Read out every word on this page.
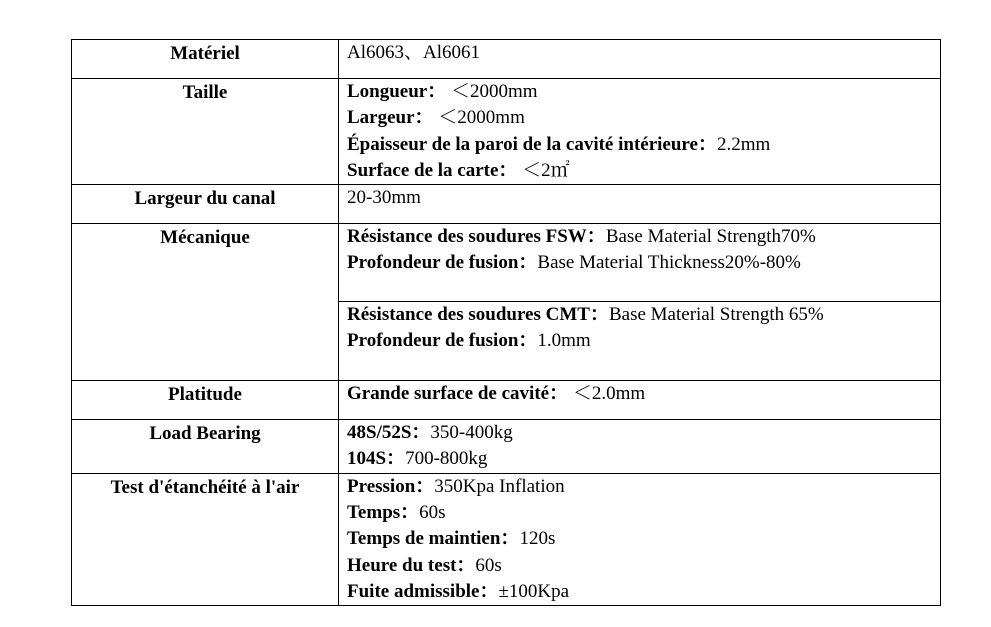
Matériel	Al6063、Al6061

Taille	Longueur： ＜2000mm
Largeur： ＜2000mm
Épaisseur de la paroi de la cavité intérieure：2.2mm
Surface de la carte： ＜2㎡

Largeur du canal	20-30mm

Mécanique	Résistance des soudures FSW：Base Material Strength70%
Profondeur de fusion：Base Material Thickness20%-80%

	Résistance des soudures CMT：Base Material Strength 65%
Profondeur de fusion：1.0mm

Platitude	Grande surface de cavité： ＜2.0mm

Load Bearing	48S/52S：350-400kg
104S：700-800kg

Test d'étanchéité à l'air	Pression：350Kpa Inflation
Temps：60s
Temps de maintien：120s
Heure du test：60s
Fuite admissible：±100Kpa
